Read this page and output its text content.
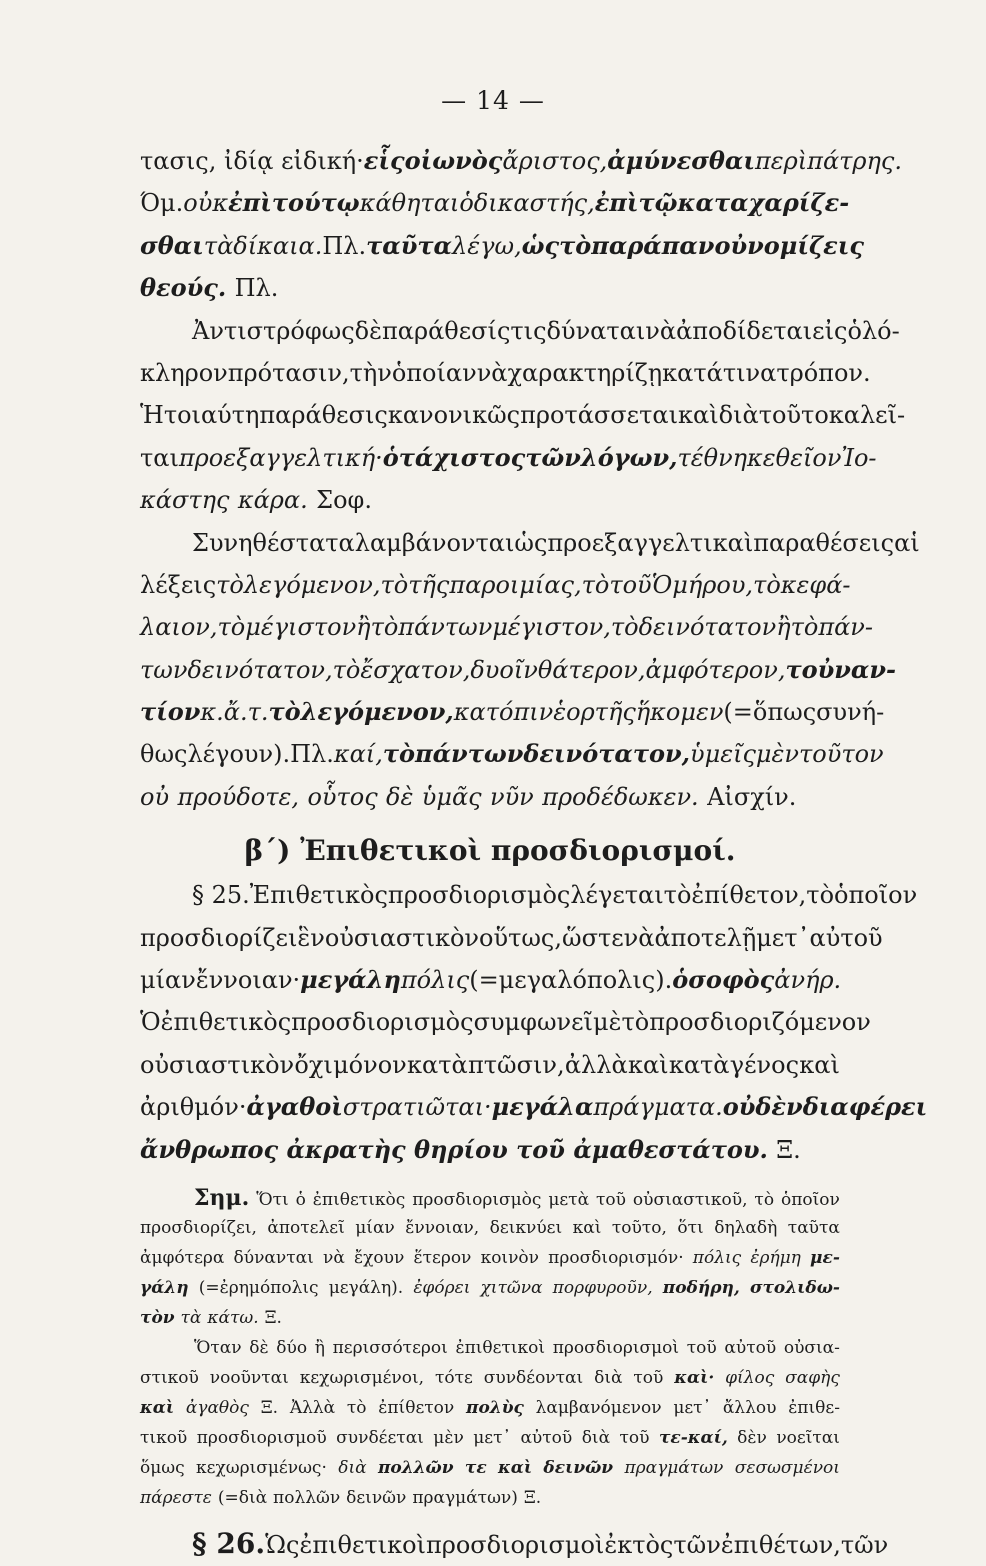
— 14 —
τασις, ἰδίᾳ εἰδική· εἷς οἰωνὸς ἄριστος, ἀμύνεσθαι περὶ πάτρης.
Όμ. οὐκ ἐπὶ τούτῳ κάθηται ὁ δικαστής, ἐπὶ τῷ καταχαρίζε-
σθαι τὰ δίκαια. Πλ. ταῦτα λέγω, ὡς τὸ παράπαν οὐ νομίζεις
θεούς. Πλ.
Ἀντιστρόφως δὲ παράθεσίς τις δύναται νὰ ἀποδίδεται εἰς ὁλό-
κληρον πρότασιν, τὴν ὁποίαν νὰ χαρακτηρίζῃ κατά τινα τρόπον.
Ἡ τοιαύτη παράθεσις κανονικῶς προτάσσεται καὶ διὰ τοῦτο καλεῖ-
ται προεξαγγελτική· ὁ τάχιστος τῶν λόγων, τέθνηκε θεῖον Ἰο-
κάστης κάρα. Σοφ.
Συνηθέστατα λαμβάνονται ὡς προεξαγγελτικαὶ παραθέσεις αἱ
λέξεις τὸ λεγόμενον, τὸ τῆς παροιμίας, τὸ τοῦ Ὁμήρου, τὸ κεφά-
λαιον, τὸ μέγιστον ἢ τὸ πάντων μέγιστον, τὸ δεινότατον ἢ τὸ πάν-
των δεινότατον, τὸ ἔσχατον, δυοῖν θάτερον, ἀμφότερον, τοὐναν-
τίον κ.ἄ.τ. τὸ λεγόμενον, κατόπιν ἑορτῆς ἥκομεν (=ὅπως συνή-
θως λέγουν). Πλ. καί, τὸ πάντων δεινότατον, ὑμεῖς μὲν τοῦτον
οὐ προύδοτε, οὗτος δὲ ὑμᾶς νῦν προδέδωκεν. Αἰσχίν.
β΄) Ἐπιθετικοὶ προσδιορισμοί.
§ 25. Ἐπιθετικὸς προσδιορισμὸς λέγεται τὸ ἐπίθετον, τὸ ὁποῖον
προσδιορίζει ἓν οὐσιαστικὸν οὕτως, ὥστε νὰ ἀποτελῇ μετ᾿ αὐτοῦ
μίαν ἔννοιαν· μεγάλη πόλις (=μεγαλόπολις). ὁ σοφὸς ἀνήρ.
Ὁ ἐπιθετικὸς προσδιορισμὸς συμφωνεῖ μὲ τὸ προσδιοριζόμενον
οὐσιαστικὸν ὄχι μόνον κατὰ πτῶσιν, ἀλλὰ καὶ κατὰ γένος καὶ
ἀριθμόν· ἀγαθοὶ στρατιῶται· μεγάλα πράγματα. οὐδὲν διαφέρει
ἄνθρωπος ἀκρατὴς θηρίου τοῦ ἀμαθεστάτου. Ξ.
Σημ. Ὅτι ὁ ἐπιθετικὸς προσδιορισμὸς μετὰ τοῦ οὐσιαστικοῦ, τὸ ὁποῖον
προσδιορίζει, ἀποτελεῖ μίαν ἔννοιαν, δεικνύει καὶ τοῦτο, ὅτι δηλαδὴ ταῦτα
ἀμφότερα δύνανται νὰ ἔχουν ἕτερον κοινὸν προσδιορισμόν· πόλις ἐρήμη με-
γάλη (=ἐρημόπολις μεγάλη). ἐφόρει χιτῶνα πορφυροῦν, ποδήρη, στολιδω-
τὸν τὰ κάτω. Ξ.
Ὅταν δὲ δύο ἢ περισσότεροι ἐπιθετικοὶ προσδιορισμοὶ τοῦ αὐτοῦ οὐσια-
στικοῦ νοοῦνται κεχωρισμένοι, τότε συνδέονται διὰ τοῦ καὶ· φίλος σαφὴς
καὶ ἀγαθὸς Ξ. Ἀλλὰ τὸ ἐπίθετον πολὺς λαμβανόμενον μετ᾿ ἄλλου ἐπιθε-
τικοῦ προσδιορισμοῦ συνδέεται μὲν μετ᾿ αὐτοῦ διὰ τοῦ τε-καί, δὲν νοεῖται
ὅμως κεχωρισμένως· διὰ πολλῶν τε καὶ δεινῶν πραγμάτων σεσωσμένοι
πάρεστε (=διὰ πολλῶν δεινῶν πραγμάτων) Ξ.
§ 26. Ὡς ἐπιθετικοὶ προσδιορισμοὶ ἐκτὸς τῶν ἐπιθέτων, τῶν
